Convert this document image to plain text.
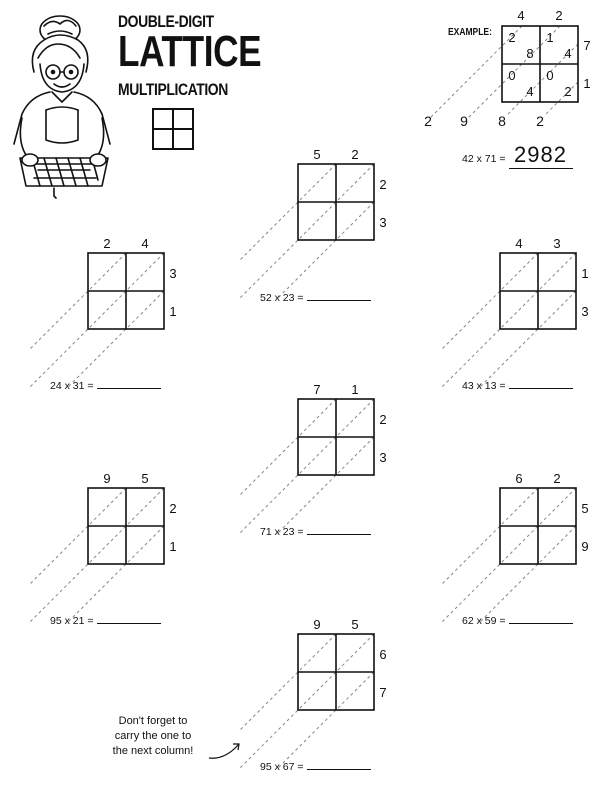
DOUBLE-DIGIT
LATTICE
MULTIPLICATION
EXAMPLE:
4 2
7
1
2
8
1
4
0
4
0
2
2 9 8 2
42 x 71 = 2982
5 2
2
3
52 x 23 =
2 4
3
1
24 x 31 =
4 3
1
3
43 x 13 =
7 1
2
3
71 x 23 =
9 5
2
1
95 x 21 =
6 2
5
9
62 x 59 =
9 5
6
7
95 x 67 =
Don't forget to
carry the one to
the next column!
